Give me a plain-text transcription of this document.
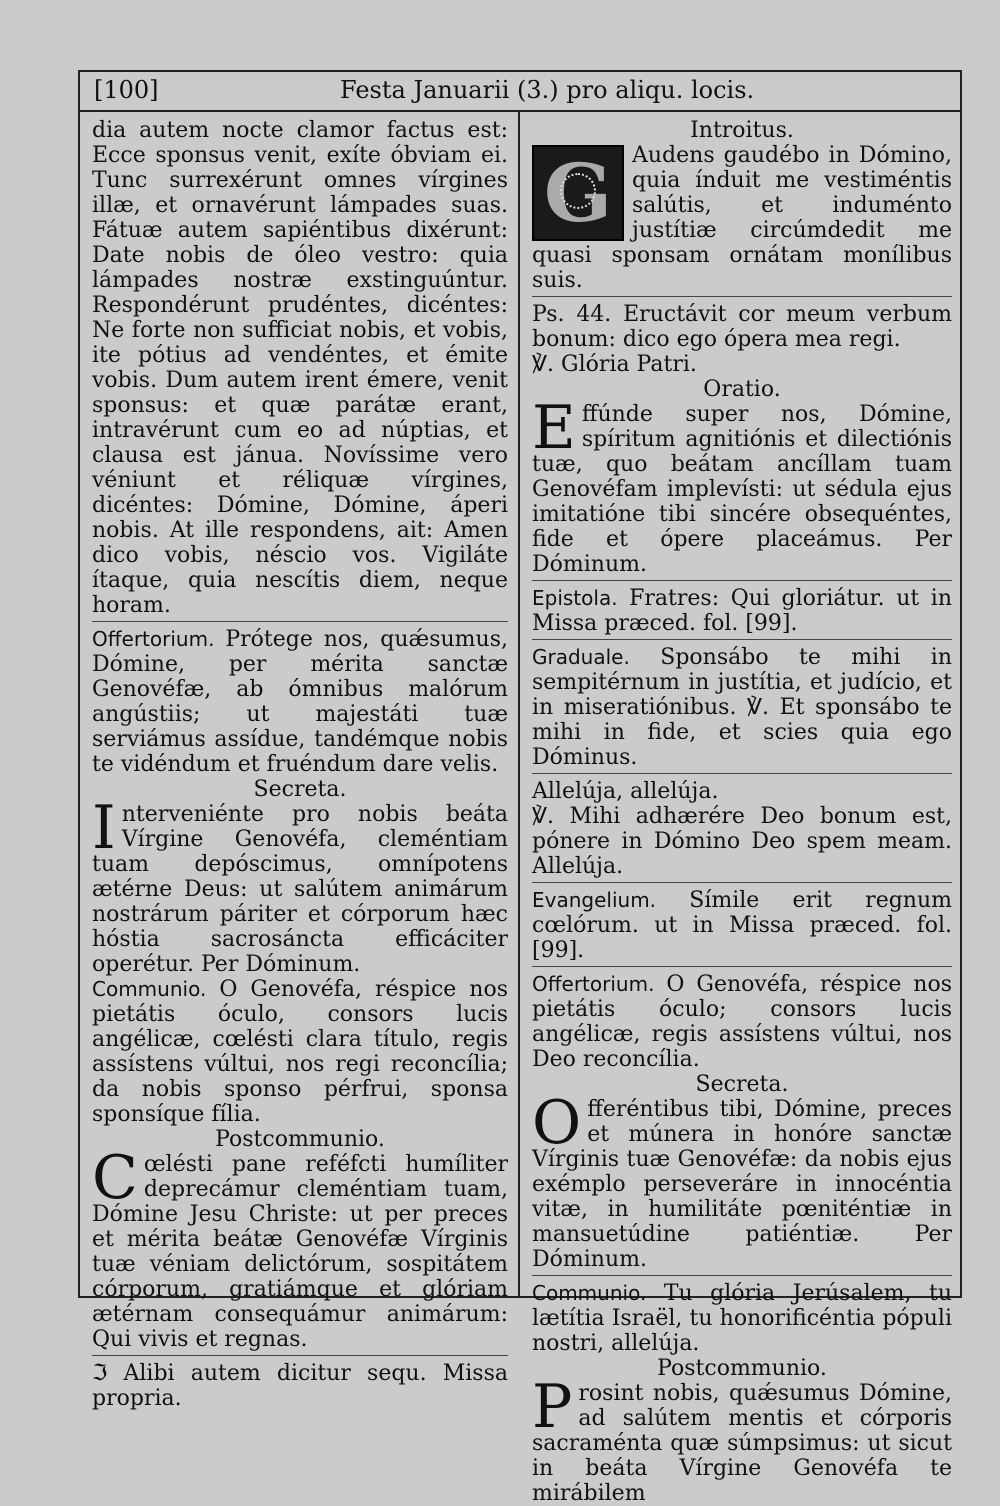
[100]	Festa Januarii (3.) pro aliqu. locis.

dia autem nocte clamor factus est: Ecce sponsus venit, exíte óbviam ei. Tunc surrexérunt omnes vírgines illæ, et ornavérunt lámpades suas. Fátuæ autem sapiéntibus dixérunt: Date nobis de óleo vestro: quia lámpades nostræ exstinguúntur. Respondérunt prudéntes, dicéntes: Ne forte non sufficiat nobis, et vobis, ite pótius ad vendéntes, et émite vobis. Dum autem irent émere, venit sponsus: et quæ parátæ erant, intravérunt cum eo ad núptias, et clausa est jánua. Novíssime vero véniunt et réliquæ vírgines, dicéntes: Dómine, Dómine, áperi nobis. At ille respondens, ait: Amen dico vobis, néscio vos. Vigiláte ítaque, quia nescítis diem, neque horam.

Offertorium. Prótege nos, quǽsumus, Dómine, per mérita sanctæ Genovéfæ, ab ómnibus malórum angústiis; ut majestáti tuæ serviámus assídue, tandémque nobis te vidéndum et fruéndum dare velis.

Secreta.

Interveniénte pro nobis beáta Vírgine Genovéfa, cleméntiam tuam depóscimus, omnípotens ætérne Deus: ut salútem animárum nostrárum páriter et córporum hæc hóstia sacrosáncta efficáciter operétur. Per Dóminum.

Communio. O Genovéfa, réspice nos pietátis óculo, consors lucis angélicæ, cœlésti clara título, regis assístens vúltui, nos regi reconcília; da nobis sponso pérfrui, sponsa sponsíque fília.

Postcommunio.

Cœlésti pane reféfcti humíliter deprecámur cleméntiam tuam, Dómine Jesu Christe: ut per preces et mérita beátæ Genovéfæ Vírginis tuæ véniam delictórum, sospitátem córporum, gratiámque et glóriam ætérnam consequámur animárum: Qui vivis et regnas.

ℑ Alibi autem dicitur sequ. Missa propria.

Introitus.

G Audens gaudébo in Dómino, quia índuit me vestiméntis salútis, et induménto justítiæ circúmdedit me quasi sponsam ornátam monílibus suis.

Ps. 44. Eructávit cor meum verbum bonum: dico ego ópera mea regi.

℣. Glória Patri.

Oratio.

Effúnde super nos, Dómine, spíritum agnitiónis et dilectiónis tuæ, quo beátam ancíllam tuam Genovéfam implevísti: ut sédula ejus imitatióne tibi sincére obsequéntes, fide et ópere placeámus. Per Dóminum.

Epistola. Fratres: Qui gloriátur. ut in Missa præced. fol. [99].

Graduale. Sponsábo te mihi in sempitérnum in justítia, et judício, et in miseratiónibus. ℣. Et sponsábo te mihi in fide, et scies quia ego Dóminus.

Allelúja, allelúja.

℣. Mihi adhærére Deo bonum est, pónere in Dómino Deo spem meam. Allelúja.

Evangelium. Símile erit regnum cœlórum. ut in Missa præced. fol. [99].

Offertorium. O Genovéfa, réspice nos pietátis óculo; consors lucis angélicæ, regis assístens vúltui, nos Deo reconcília.

Secreta.

Offeréntibus tibi, Dómine, preces et múnera in honóre sanctæ Vírginis tuæ Genovéfæ: da nobis ejus exémplo perseveráre in innocéntia vitæ, in humilitáte pœniténtiæ in mansuetúdine patiéntiæ. Per Dóminum.

Communio. Tu glória Jerúsalem, tu lætítia Israël, tu honorificéntia pópuli nostri, allelúja.

Postcommunio.

Prosint nobis, quǽsumus Dómine, ad salútem mentis et córporis sacraménta quæ súmpsimus: ut sicut in beáta Vírgine Genovéfa te mirábilem
